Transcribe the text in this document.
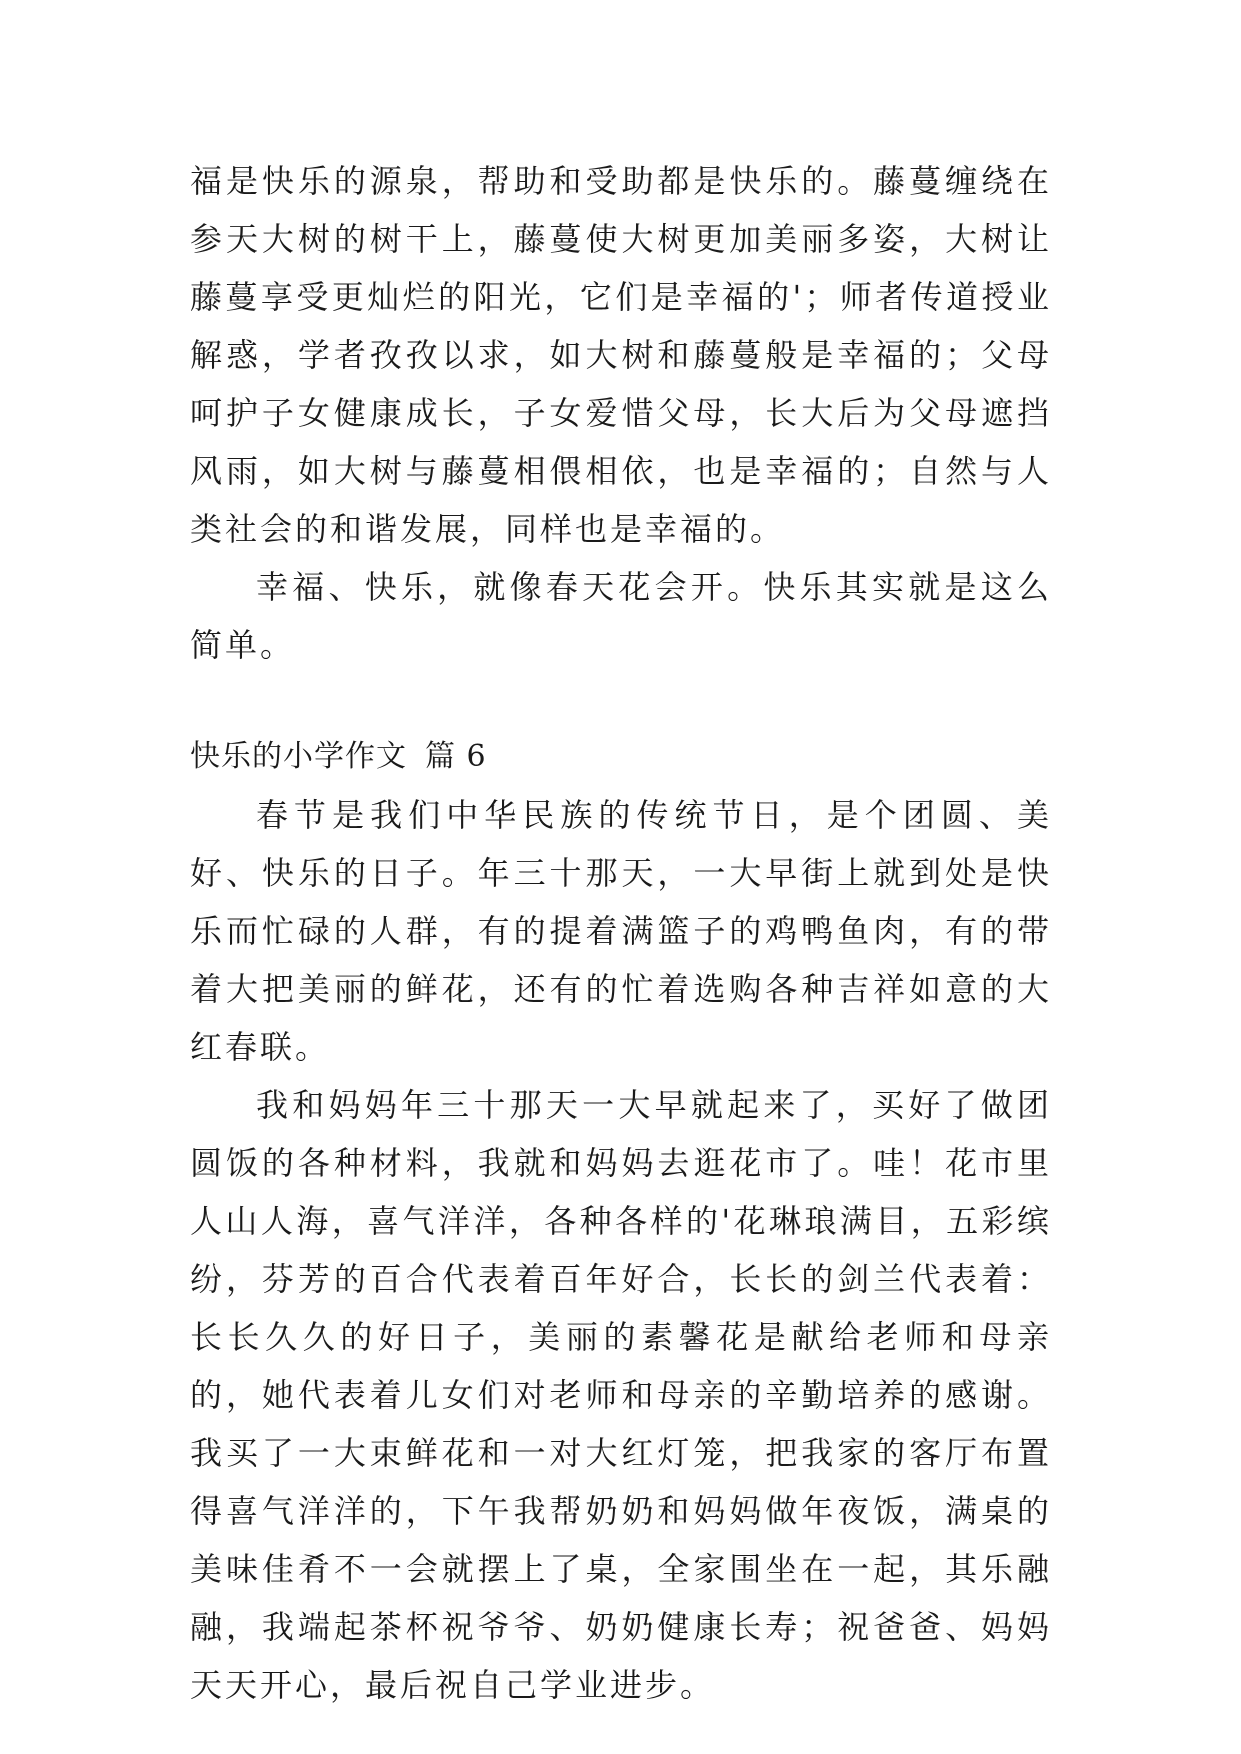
福是快乐的源泉，帮助和受助都是快乐的。藤蔓缠绕在参天大树的树干上，藤蔓使大树更加美丽多姿，大树让藤蔓享受更灿烂的阳光，它们是幸福的'；师者传道授业解惑，学者孜孜以求，如大树和藤蔓般是幸福的；父母呵护子女健康成长，子女爱惜父母，长大后为父母遮挡风雨，如大树与藤蔓相偎相依，也是幸福的；自然与人类社会的和谐发展，同样也是幸福的。

幸福、快乐，就像春天花会开。快乐其实就是这么简单。

快乐的小学作文 篇 6

春节是我们中华民族的传统节日，是个团圆、美好、快乐的日子。年三十那天，一大早街上就到处是快乐而忙碌的人群，有的提着满篮子的鸡鸭鱼肉，有的带着大把美丽的鲜花，还有的忙着选购各种吉祥如意的大红春联。

我和妈妈年三十那天一大早就起来了，买好了做团圆饭的各种材料，我就和妈妈去逛花市了。哇！花市里人山人海，喜气洋洋，各种各样的'花琳琅满目，五彩缤纷，芬芳的百合代表着百年好合，长长的剑兰代表着：长长久久的好日子，美丽的素馨花是献给老师和母亲的，她代表着儿女们对老师和母亲的辛勤培养的感谢。我买了一大束鲜花和一对大红灯笼，把我家的客厅布置得喜气洋洋的，下午我帮奶奶和妈妈做年夜饭，满桌的美味佳肴不一会就摆上了桌，全家围坐在一起，其乐融融，我端起茶杯祝爷爷、奶奶健康长寿；祝爸爸、妈妈天天开心，最后祝自己学业进步。
